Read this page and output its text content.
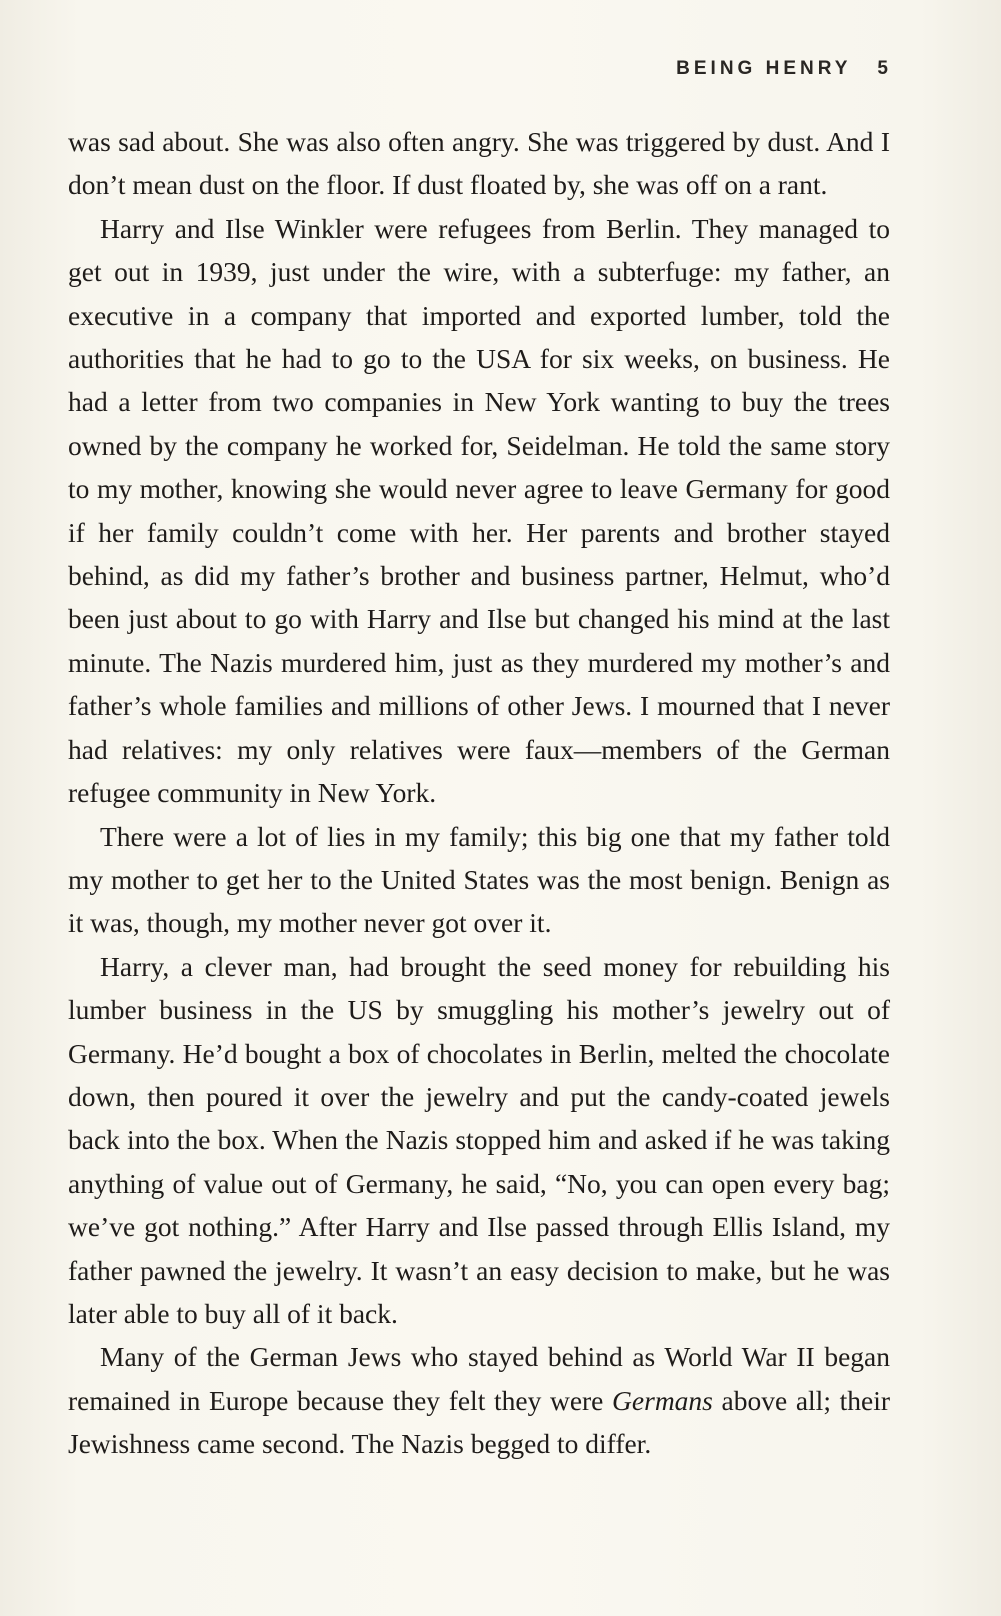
BEING HENRY 5

was sad about. She was also often angry. She was triggered by dust. And I don’t mean dust on the floor. If dust floated by, she was off on a rant.

Harry and Ilse Winkler were refugees from Berlin. They managed to get out in 1939, just under the wire, with a subterfuge: my father, an executive in a company that imported and exported lumber, told the authorities that he had to go to the USA for six weeks, on business. He had a letter from two companies in New York wanting to buy the trees owned by the company he worked for, Seidelman. He told the same story to my mother, knowing she would never agree to leave Germany for good if her family couldn’t come with her. Her parents and brother stayed behind, as did my father’s brother and business partner, Helmut, who’d been just about to go with Harry and Ilse but changed his mind at the last minute. The Nazis murdered him, just as they murdered my mother’s and father’s whole families and millions of other Jews. I mourned that I never had relatives: my only relatives were faux—members of the German refugee community in New York.

There were a lot of lies in my family; this big one that my father told my mother to get her to the United States was the most benign. Benign as it was, though, my mother never got over it.

Harry, a clever man, had brought the seed money for rebuilding his lumber business in the US by smuggling his mother’s jewelry out of Germany. He’d bought a box of chocolates in Berlin, melted the chocolate down, then poured it over the jewelry and put the candy-coated jewels back into the box. When the Nazis stopped him and asked if he was taking anything of value out of Germany, he said, “No, you can open every bag; we’ve got nothing.” After Harry and Ilse passed through Ellis Island, my father pawned the jewelry. It wasn’t an easy decision to make, but he was later able to buy all of it back.

Many of the German Jews who stayed behind as World War II began remained in Europe because they felt they were Germans above all; their Jewishness came second. The Nazis begged to differ.
